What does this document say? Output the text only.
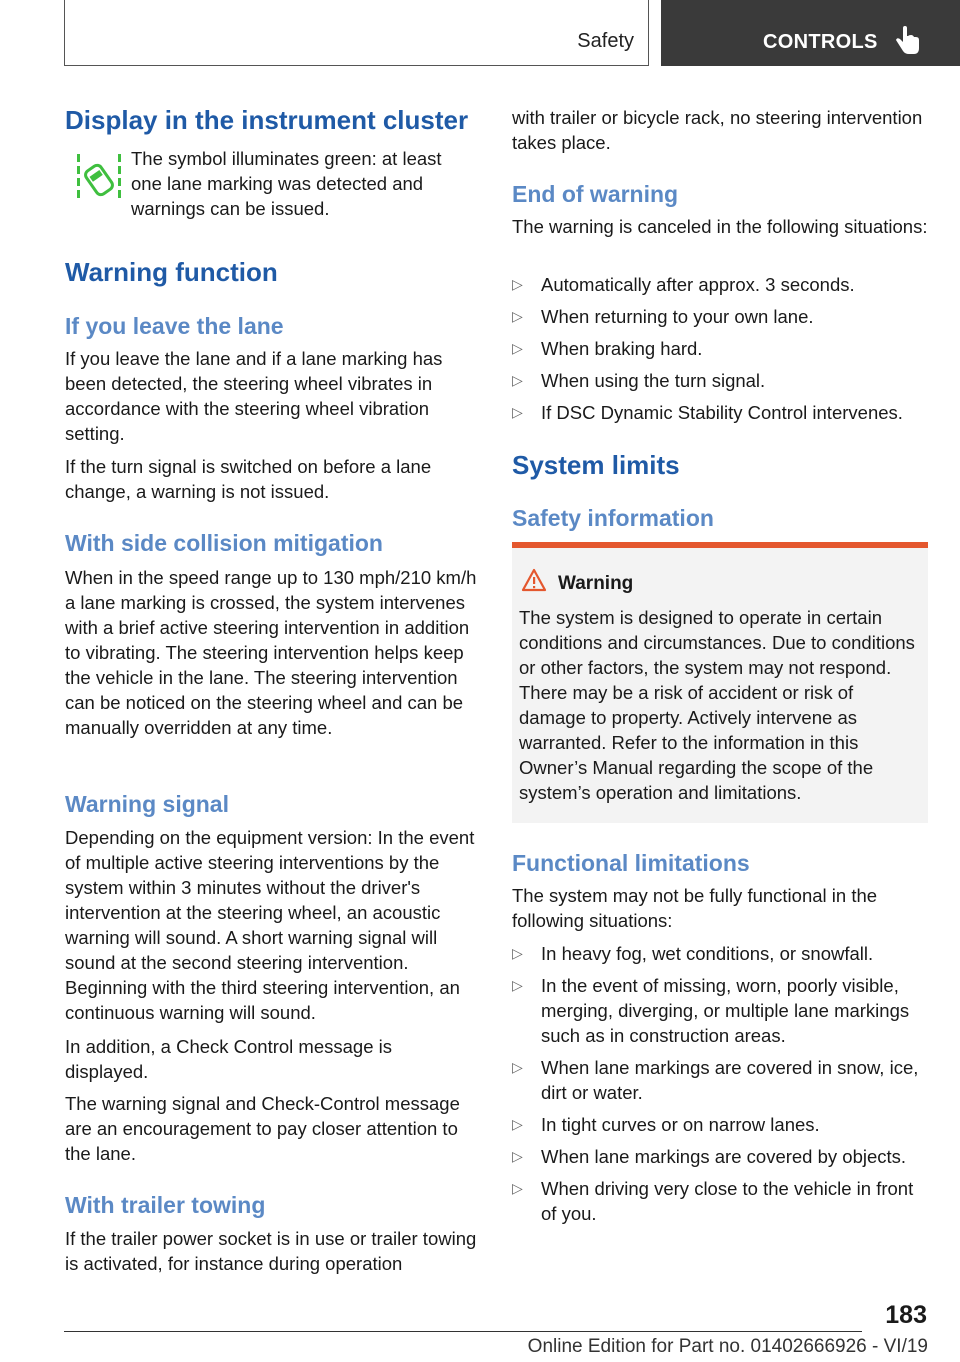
Safety	CONTROLS
Display in the instrument cluster

The symbol illuminates green: at least one lane marking was detected and warnings can be issued.

Warning function
If you leave the lane

If you leave the lane and if a lane marking has been detected, the steering wheel vibrates in accordance with the steering wheel vibration setting.

If the turn signal is switched on before a lane change, a warning is not issued.

With side collision mitigation

When in the speed range up to 130 mph/210 km/h a lane marking is crossed, the system intervenes with a brief active steering intervention in addition to vibrating. The steering intervention helps keep the vehicle in the lane. The steering intervention can be noticed on the steering wheel and can be manually overridden at any time.

Warning signal

Depending on the equipment version: In the event of multiple active steering interventions by the system within 3 minutes without the driver's intervention at the steering wheel, an acoustic warning will sound. A short warning signal will sound at the second steering intervention. Beginning with the third steering intervention, an continuous warning will sound.

In addition, a Check Control message is displayed.

The warning signal and Check-Control message are an encouragement to pay closer attention to the lane.

With trailer towing

If the trailer power socket is in use or trailer towing is activated, for instance during operation

with trailer or bicycle rack, no steering intervention takes place.

End of warning

The warning is canceled in the following situations:

▷ Automatically after approx. 3 seconds.
▷ When returning to your own lane.
▷ When braking hard.
▷ When using the turn signal.
▷ If DSC Dynamic Stability Control intervenes.
System limits
Safety information
Warning

The system is designed to operate in certain conditions and circumstances. Due to conditions or other factors, the system may not respond. There may be a risk of accident or risk of damage to property. Actively intervene as warranted. Refer to the information in this Owner’s Manual regarding the scope of the system’s operation and limitations.

Functional limitations

The system may not be fully functional in the following situations:

▷ In heavy fog, wet conditions, or snowfall.
▷ In the event of missing, worn, poorly visible, merging, diverging, or multiple lane markings such as in construction areas.
▷ When lane markings are covered in snow, ice, dirt or water.
▷ In tight curves or on narrow lanes.
▷ When lane markings are covered by objects.
▷ When driving very close to the vehicle in front of you.
183
Online Edition for Part no. 01402666926 - VI/19
